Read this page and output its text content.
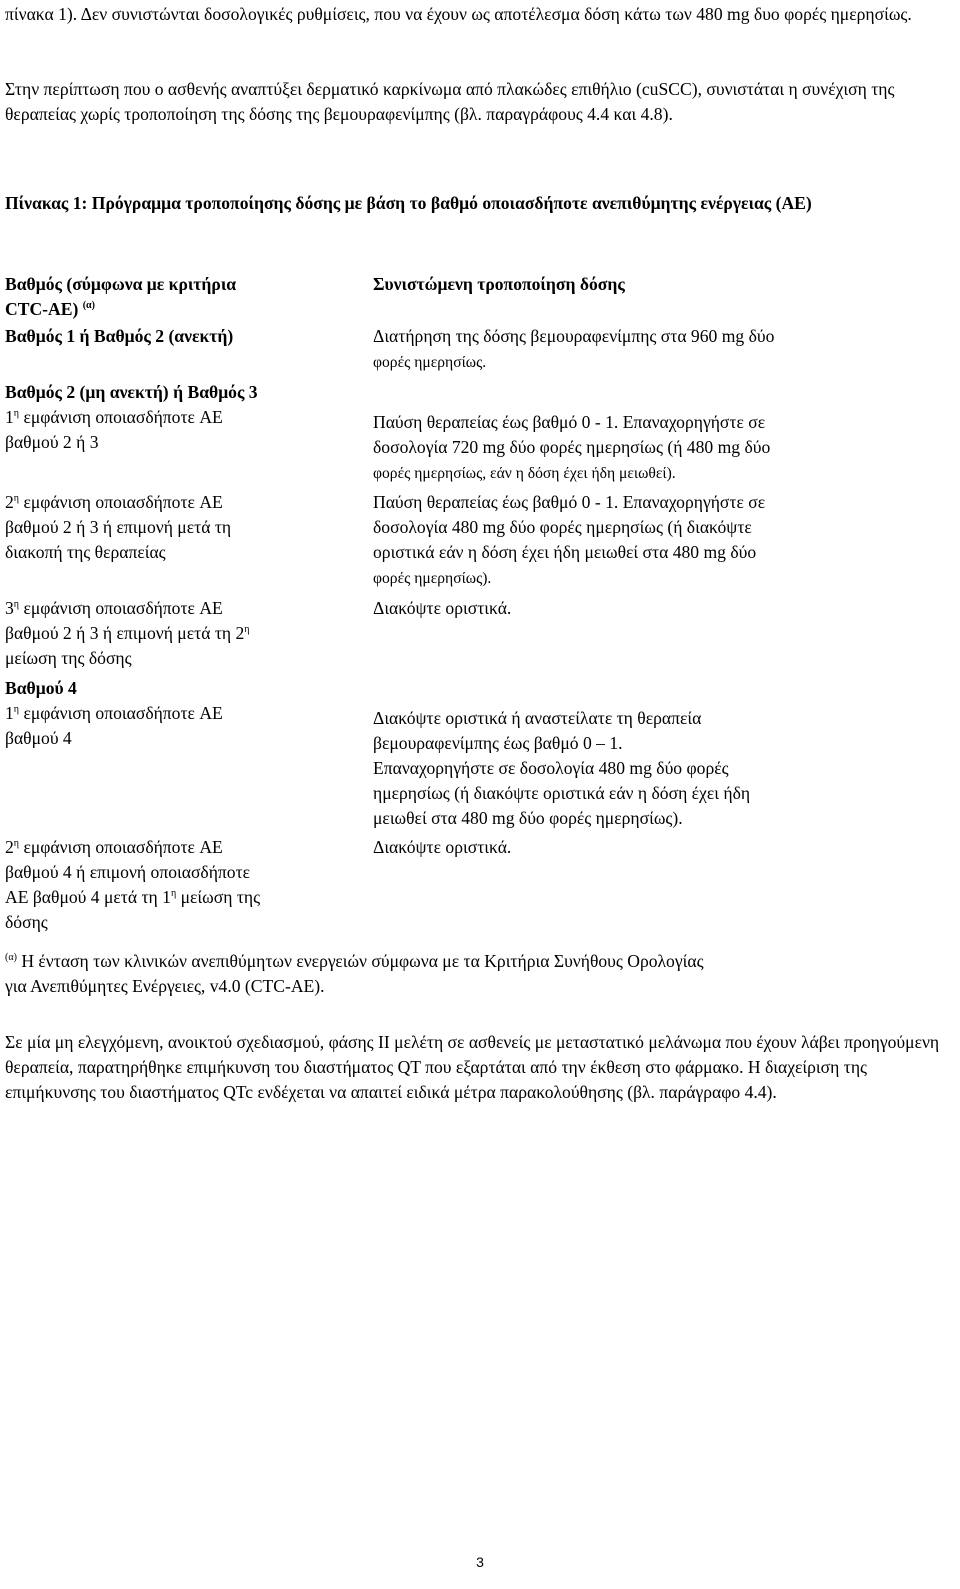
πίνακα 1). Δεν συνιστώνται δοσολογικές ρυθμίσεις, που να έχουν ως αποτέλεσμα δόση κάτω των 480 mg δυο φορές ημερησίως.

Στην περίπτωση που ο ασθενής αναπτύξει δερματικό καρκίνωμα από πλακώδες επιθήλιο (cuSCC), συνιστάται η συνέχιση της θεραπείας χωρίς τροποποίηση της δόσης της βεμουραφενίμπης (βλ. παραγράφους 4.4 και 4.8).

Πίνακας 1: Πρόγραμμα τροποποίησης δόσης με βάση το βαθμό οποιασδήποτε ανεπιθύμητης ενέργειας (AE)

Βαθμός (σύμφωνα με κριτήρια
CTC-AE) $^{(\alpha)}$
Συνιστώμενη τροποποίηση δόσης
Βαθμός 1 ή Βαθμός 2 (ανεκτή)	Διατήρηση της δόσης βεμουραφενίμπης στα 960 mg δύο
φορές ημερησίως.
Βαθμός 2 (μη ανεκτή) ή Βαθμός 3
$1^\eta$ εμφάνιση οποιασδήποτε AE
βαθμού 2 ή 3
Παύση θεραπείας έως βαθμό 0 - 1. Επαναχορηγήστε σε
δοσολογία 720 mg δύο φορές ημερησίως (ή 480 mg δύο
φορές ημερησίως, εάν η δόση έχει ήδη μειωθεί).
$2^\eta$ εμφάνιση οποιασδήποτε AE
βαθμού 2 ή 3 ή επιμονή μετά τη
διακοπή της θεραπείας
Παύση θεραπείας έως βαθμό 0 - 1. Επαναχορηγήστε σε
δοσολογία 480 mg δύο φορές ημερησίως (ή διακόψτε
οριστικά εάν η δόση έχει ήδη μειωθεί στα 480 mg δύο
φορές ημερησίως).
$3^\eta$ εμφάνιση οποιασδήποτε AE
βαθμού 2 ή 3 ή επιμονή μετά τη $2^\eta$
μείωση της δόσης
Διακόψτε οριστικά.
Βαθμού 4
$1^\eta$ εμφάνιση οποιασδήποτε AE
βαθμού 4
Διακόψτε οριστικά ή αναστείλατε τη θεραπεία
βεμουραφενίμπης έως βαθμό 0 – 1.
Επαναχορηγήστε σε δοσολογία 480 mg δύο φορές
ημερησίως (ή διακόψτε οριστικά εάν η δόση έχει ήδη
μειωθεί στα 480 mg δύο φορές ημερησίως).
$2^\eta$ εμφάνιση οποιασδήποτε AE
βαθμού 4 ή επιμονή οποιασδήποτε
AE βαθμού 4 μετά τη $1^\eta$ μείωση της
δόσης
Διακόψτε οριστικά.

$^{(\alpha)}$ Η ένταση των κλινικών ανεπιθύμητων ενεργειών σύμφωνα με τα Κριτήρια Συνήθους Ορολογίας
για Ανεπιθύμητες Ενέργειες, v4.0 (CTC-AE).

Σε μία μη ελεγχόμενη, ανοικτού σχεδιασμού, φάσης II μελέτη σε ασθενείς με μεταστατικό μελάνωμα που έχουν λάβει προηγούμενη θεραπεία, παρατηρήθηκε επιμήκυνση του διαστήματος QT που εξαρτάται από την έκθεση στο φάρμακο. Η διαχείριση της επιμήκυνσης του διαστήματος QTc ενδέχεται να απαιτεί ειδικά μέτρα παρακολούθησης (βλ. παράγραφο 4.4).

3
